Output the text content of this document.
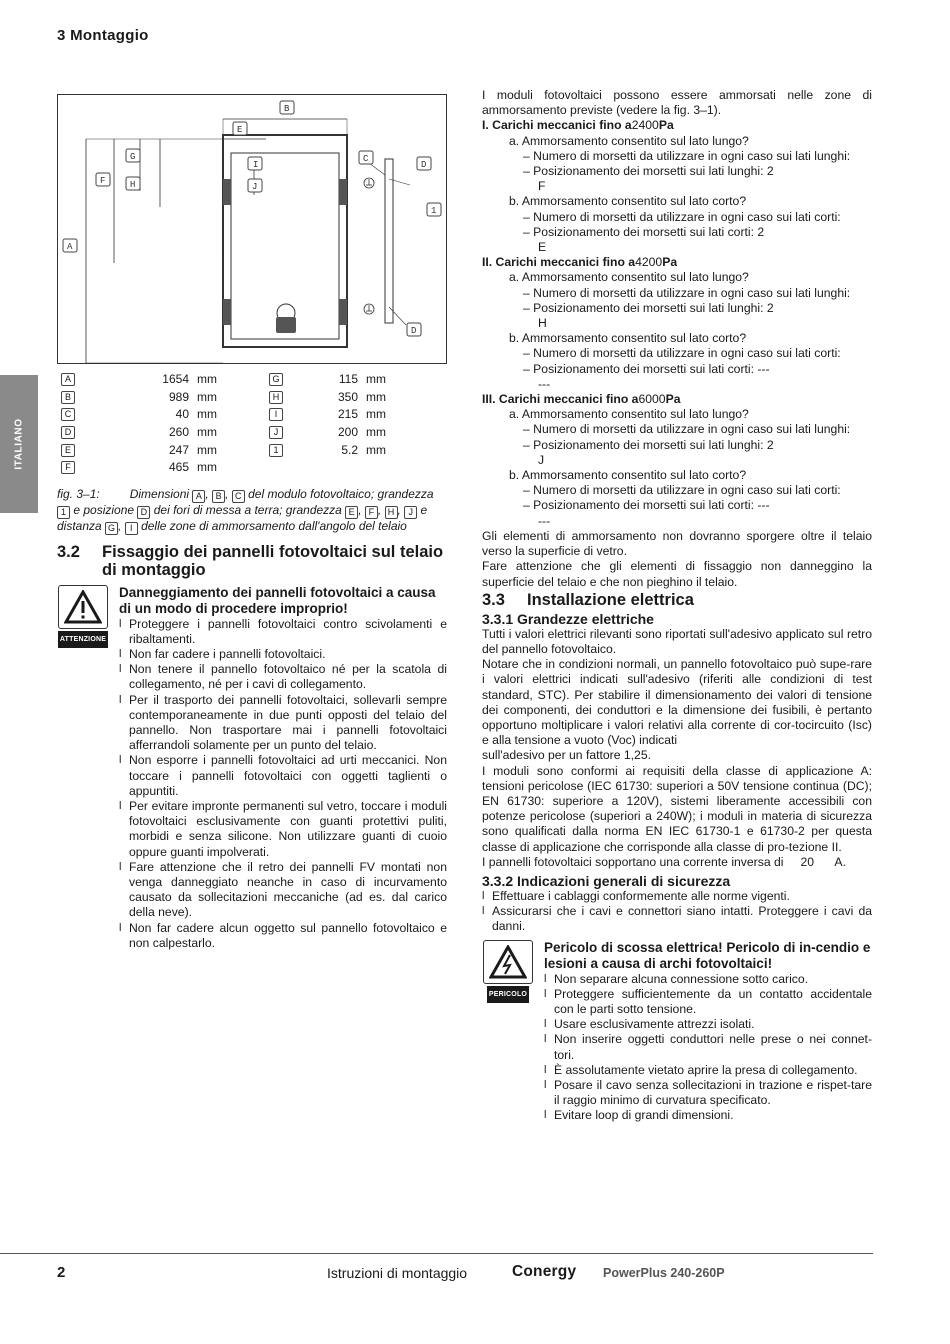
3 Montaggio
ITALIANO
B
E
G
F	H
I
J
C
D
1
A
D
A	1654 mm
B	989 mm
C	40 mm
D	260 mm
E	247 mm
F	465 mm
G	115 mm
H	350 mm
I	215 mm
J	200 mm
1	5.2 mm
fig. 3–1:	Dimensioni A , B , C del modulo fotovoltaico; grandezza 1 e posizione D dei fori di messa a terra; grandezza E , F , H , J e distanza G , I delle zone di ammorsamento dall'angolo del telaio
3.2	Fissaggio dei pannelli fotovoltaici sul telaio di montaggio
ATTENZIONE
Danneggiamento dei pannelli fotovoltaici a causa di un modo di procedere improprio!
l Proteggere i pannelli fotovoltaici contro scivolamenti e ribaltamenti.
l Non far cadere i pannelli fotovoltaici.
l Non tenere il pannello fotovoltaico né per la scatola di collegamento, né per i cavi di collegamento.
l Per il trasporto dei pannelli fotovoltaici, sollevarli sempre contemporaneamente in due punti opposti del telaio del pannello. Non trasportare mai i pannelli fotovoltaici afferrandoli solamente per un punto del telaio.
l Non esporre i pannelli fotovoltaici ad urti meccanici. Non toccare i pannelli fotovoltaici con oggetti taglienti o appuntiti.
l Per evitare impronte permanenti sul vetro, toccare i moduli fotovoltaici esclusivamente con guanti protettivi puliti, morbidi e senza silicone. Non utilizzare guanti di cuoio oppure guanti impolverati.
l Fare attenzione che il retro dei pannelli FV montati non venga danneggiato neanche in caso di incurvamento causato da sollecitazioni meccaniche (ad es. dal carico della neve).
l Non far cadere alcun oggetto sul pannello fotovoltaico e non calpestarlo.
I moduli fotovoltaici possono essere ammorsati nelle zone di ammorsamento previste (vedere la fig. 3–1).
I. Carichi meccanici fino a2400Pa
a. Ammorsamento consentito sul lato lungo?
– Numero di morsetti da utilizzare in ogni caso sui lati lunghi:
– Posizionamento dei morsetti sui lati lunghi: 2
F
b. Ammorsamento consentito sul lato corto?
– Numero di morsetti da utilizzare in ogni caso sui lati corti:
– Posizionamento dei morsetti sui lati corti: 2
E
II. Carichi meccanici fino a4200Pa
a. Ammorsamento consentito sul lato lungo?
– Numero di morsetti da utilizzare in ogni caso sui lati lunghi:
– Posizionamento dei morsetti sui lati lunghi: 2
H
b. Ammorsamento consentito sul lato corto?
– Numero di morsetti da utilizzare in ogni caso sui lati corti:
– Posizionamento dei morsetti sui lati corti: ---
---
III. Carichi meccanici fino a6000Pa
a. Ammorsamento consentito sul lato lungo?
– Numero di morsetti da utilizzare in ogni caso sui lati lunghi:
– Posizionamento dei morsetti sui lati lunghi: 2
J
b. Ammorsamento consentito sul lato corto?
– Numero di morsetti da utilizzare in ogni caso sui lati corti:
– Posizionamento dei morsetti sui lati corti: ---
---
Gli elementi di ammorsamento non dovranno sporgere oltre il telaio verso la superficie di vetro.
Fare attenzione che gli elementi di fissaggio non danneggino la superficie del telaio e che non pieghino il telaio.
3.3	Installazione elettrica
3.3.1 Grandezze elettriche
Tutti i valori elettrici rilevanti sono riportati sull'adesivo applicato sul retro del pannello fotovoltaico.
Notare che in condizioni normali, un pannello fotovoltaico può supe-rare i valori elettrici indicati sull'adesivo (riferiti alle condizioni di test standard, STC). Per stabilire il dimensionamento dei valori di tensione dei componenti, dei conduttori e la dimensione dei fusibili, è pertanto opportuno moltiplicare i valori relativi alla corrente di cor-tocircuito (Isc) e alla tensione a vuoto (Voc) indicati
sull'adesivo per un fattore 1,25.
I moduli sono conformi ai requisiti della classe di applicazione A: tensioni pericolose (IEC 61730: superiori a 50V tensione continua (DC); EN 61730: superiore a 120V), sistemi liberamente accessibili con potenze pericolose (superiori a 240W); i moduli in materia di sicurezza sono qualificati dalla norma EN IEC 61730-1 e 61730-2 per questa classe di applicazione che corrisponde alla classe di pro-tezione II.
I pannelli fotovoltaici sopportano una corrente inversa di 20 A.
3.3.2 Indicazioni generali di sicurezza
l Effettuare i cablaggi conformemente alle norme vigenti.
l Assicurarsi che i cavi e connettori siano intatti. Proteggere i cavi da danni.
PERICOLO
Pericolo di scossa elettrica! Pericolo di in-cendio e lesioni a causa di archi fotovoltaici!
l Non separare alcuna connessione sotto carico.
l Proteggere sufficientemente da un contatto accidentale con le parti sotto tensione.
l Usare esclusivamente attrezzi isolati.
l Non inserire oggetti conduttori nelle prese o nei connet-tori.
l È assolutamente vietato aprire la presa di collegamento.
l Posare il cavo senza sollecitazioni in trazione e rispet-tare il raggio minimo di curvatura specificato.
l Evitare loop di grandi dimensioni.
2	Istruzioni di montaggio	Conergy PowerPlus 240-260P
